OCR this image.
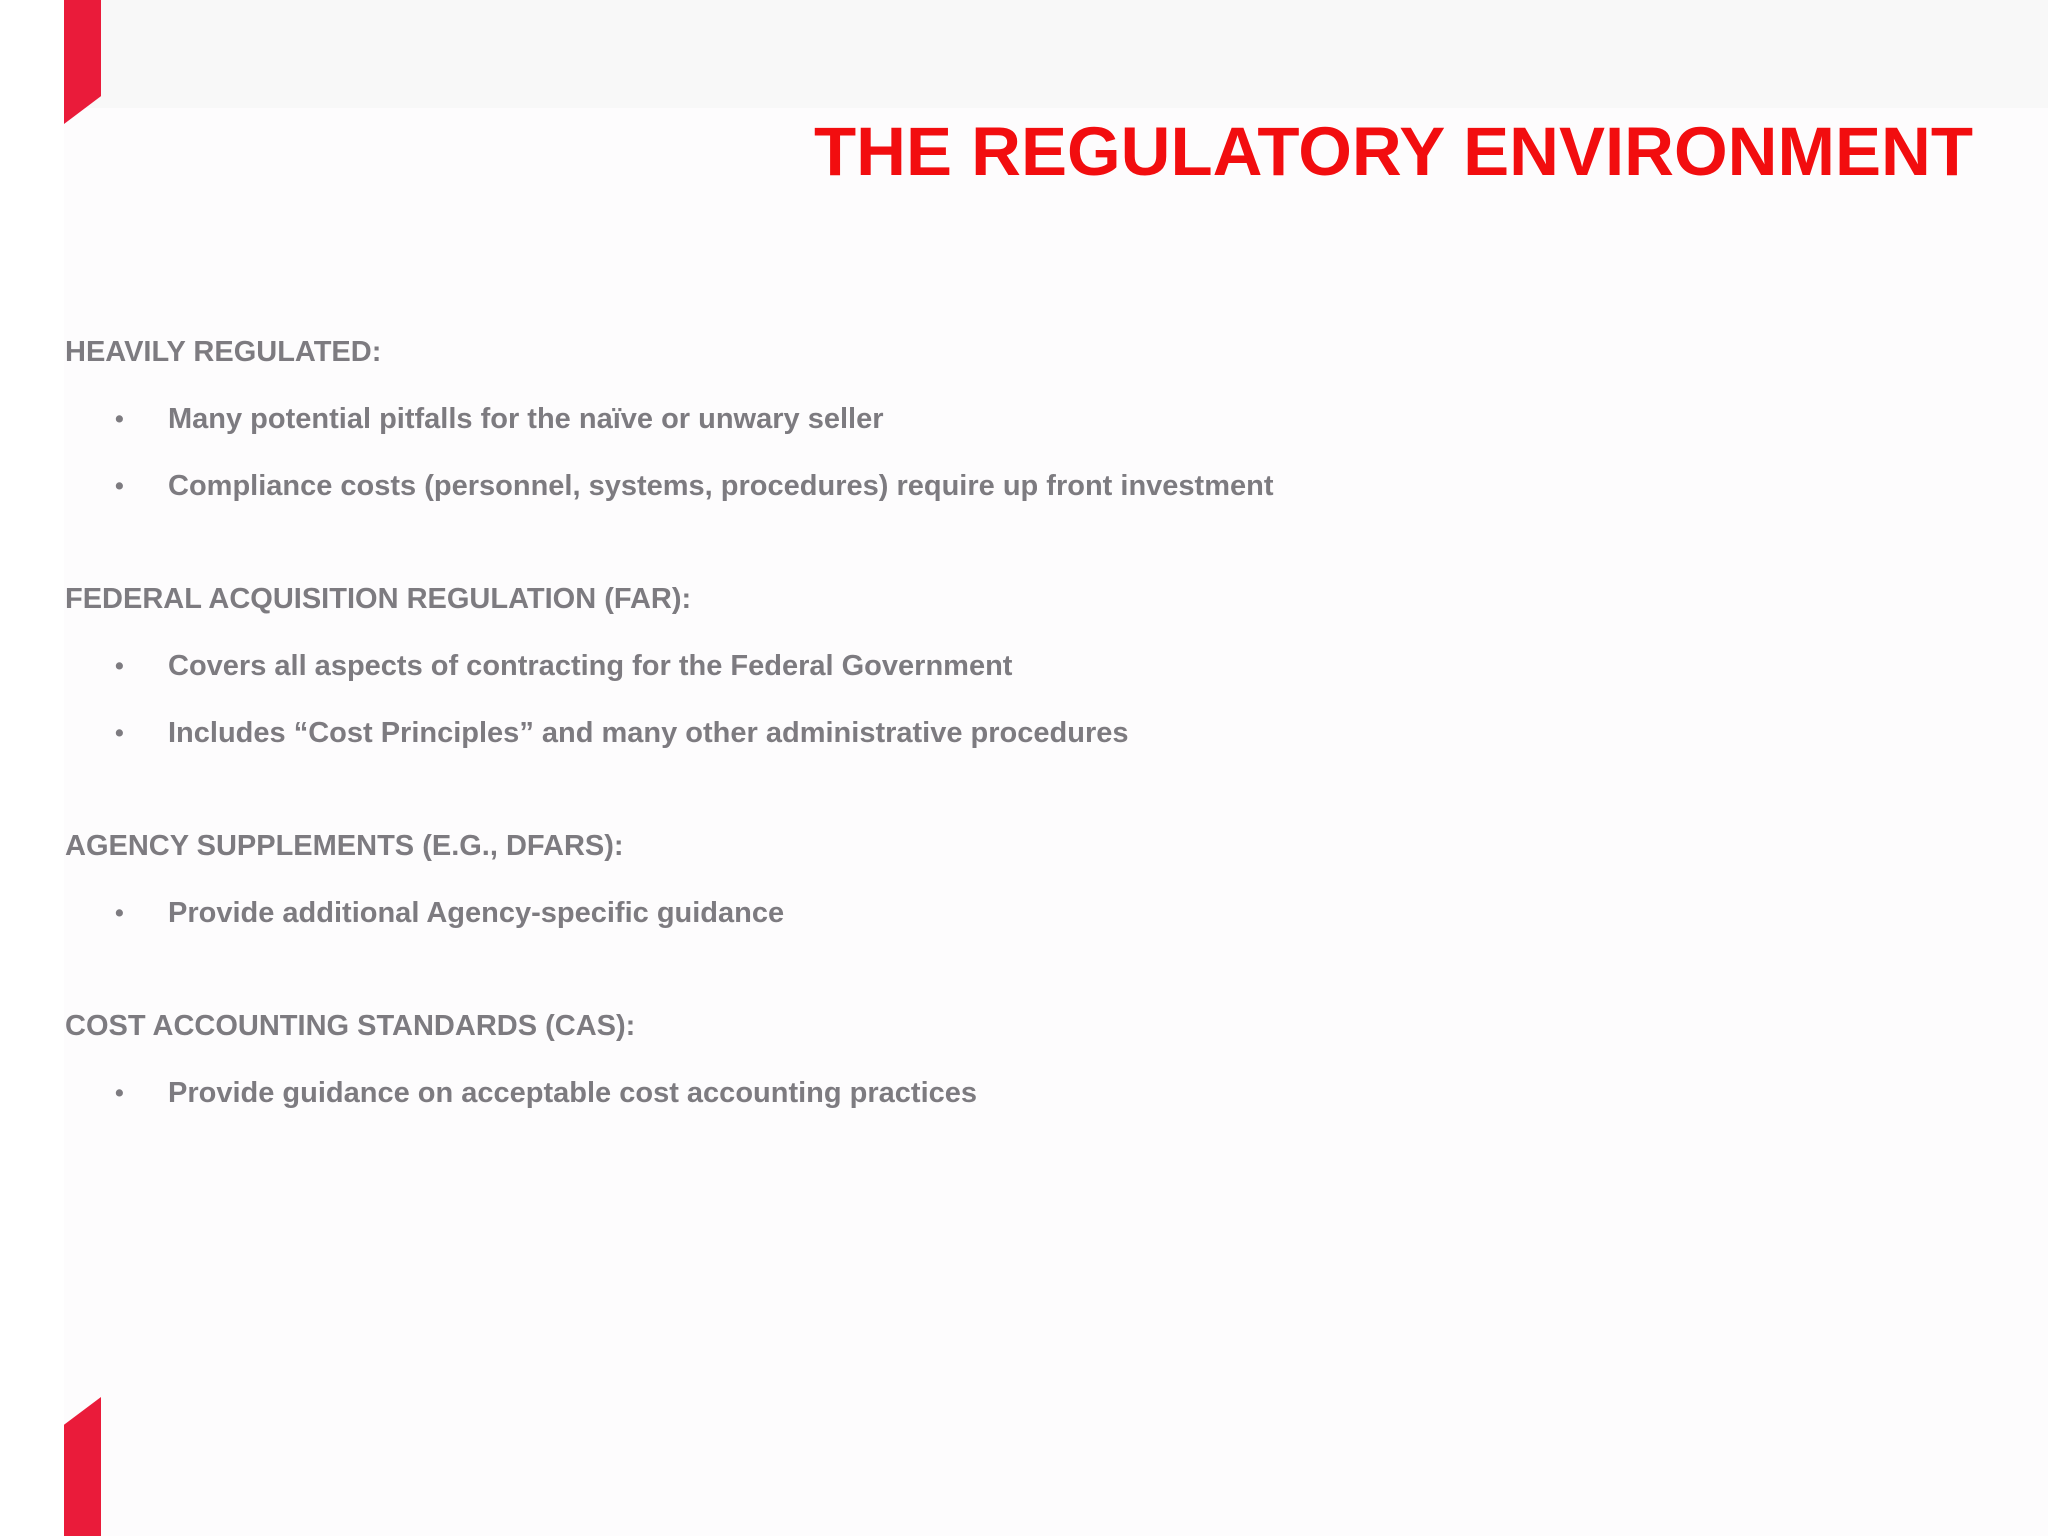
THE REGULATORY ENVIRONMENT
HEAVILY REGULATED:
•	Many potential pitfalls for the naïve or unwary seller
•	Compliance costs (personnel, systems, procedures) require up front investment
FEDERAL ACQUISITION REGULATION (FAR):
•	Covers all aspects of contracting for the Federal Government
•	Includes “Cost Principles” and many other administrative procedures
AGENCY SUPPLEMENTS (E.G., DFARS):
•	Provide additional Agency-specific guidance
COST ACCOUNTING STANDARDS (CAS):
•	Provide guidance on acceptable cost accounting practices
